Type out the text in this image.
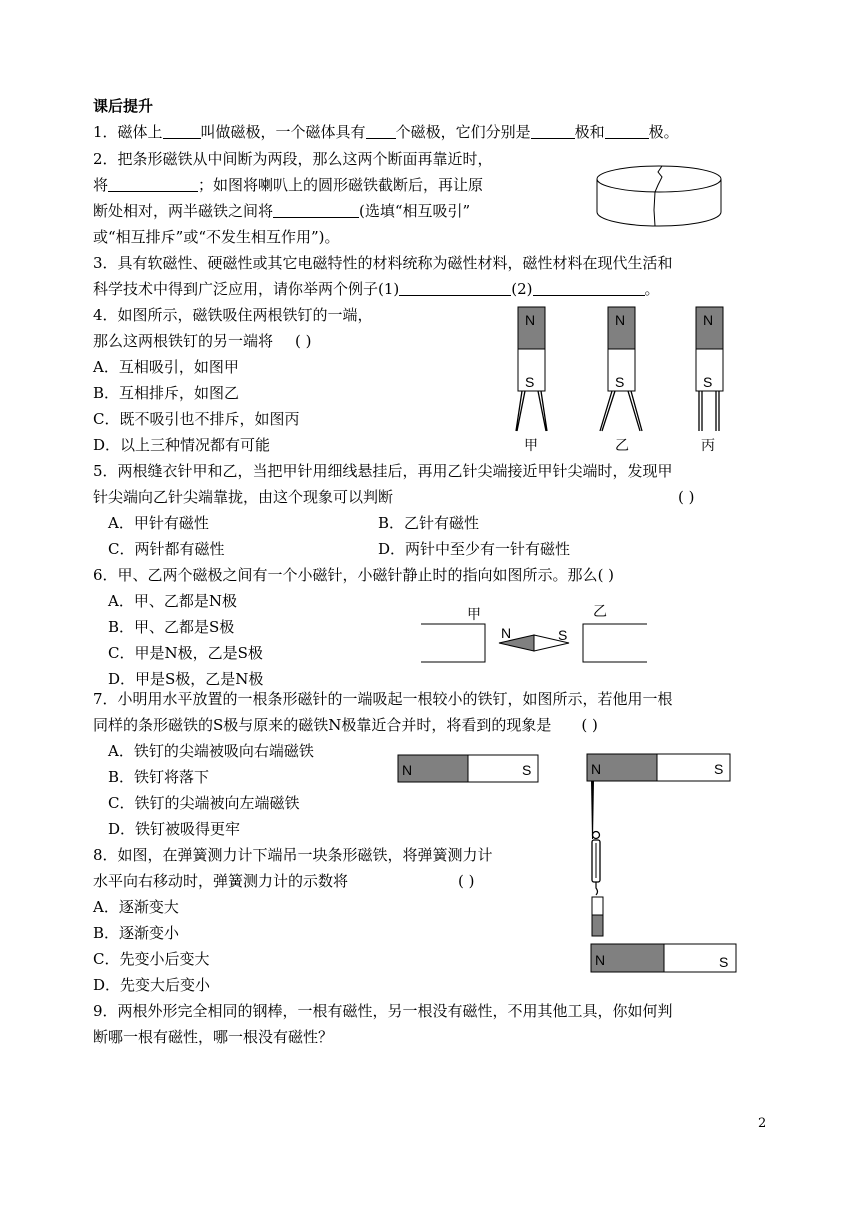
课后提升
1．磁体上	叫做磁极，一个磁体具有 个磁极，它们分别是	极和	极。
2．把条形磁铁从中间断为两段，那么这两个断面再靠近时，
将	；如图将喇叭上的圆形磁铁截断后，再让原
断处相对，两半磁铁之间将	(选填“相互吸引”
或“相互排斥”或“不发生相互作用”)。
3．具有软磁性、硬磁性或其它电磁特性的材料统称为磁性材料，磁性材料在现代生活和
科学技术中得到广泛应用，请你举两个例子(1)	(2)	。
4．如图所示，磁铁吸住两根铁钉的一端，
那么这两根铁钉的另一端将 ( )
A．互相吸引，如图甲
B．互相排斥，如图乙
C．既不吸引也不排斥，如图丙
D．以上三种情况都有可能
N
S
甲
N
S
乙
N
S
丙
5．两根缝衣针甲和乙，当把甲针用细线悬挂后，再用乙针尖端接近甲针尖端时，发现甲
针尖端向乙针尖端靠拢，由这个现象可以判断	( )
A．甲针有磁性	B．乙针有磁性
C．两针都有磁性	D．两针中至少有一针有磁性
6．甲、乙两个磁极之间有一个小磁针，小磁针静止时的指向如图所示。那么( )
A．甲、乙都是N极
B．甲、乙都是S极
C．甲是N极，乙是S极
D．甲是S极，乙是N极
甲	乙
N	S
7．小明用水平放置的一根条形磁针的一端吸起一根较小的铁钉，如图所示，若他用一根
同样的条形磁铁的S极与原来的磁铁N极靠近合并时，将看到的现象是 ( )
A．铁钉的尖端被吸向右端磁铁
B．铁钉将落下
C．铁钉的尖端被向左端磁铁
D．铁钉被吸得更牢
N	S	N	S
8．如图，在弹簧测力计下端吊一块条形磁铁，将弹簧测力计
水平向右移动时，弹簧测力计的示数将	( )
A．逐渐变大
B．逐渐变小
C．先变小后变大
D．先变大后变小
N	S
9．两根外形完全相同的钢棒，一根有磁性，另一根没有磁性，不用其他工具，你如何判
断哪一根有磁性，哪一根没有磁性？
2
